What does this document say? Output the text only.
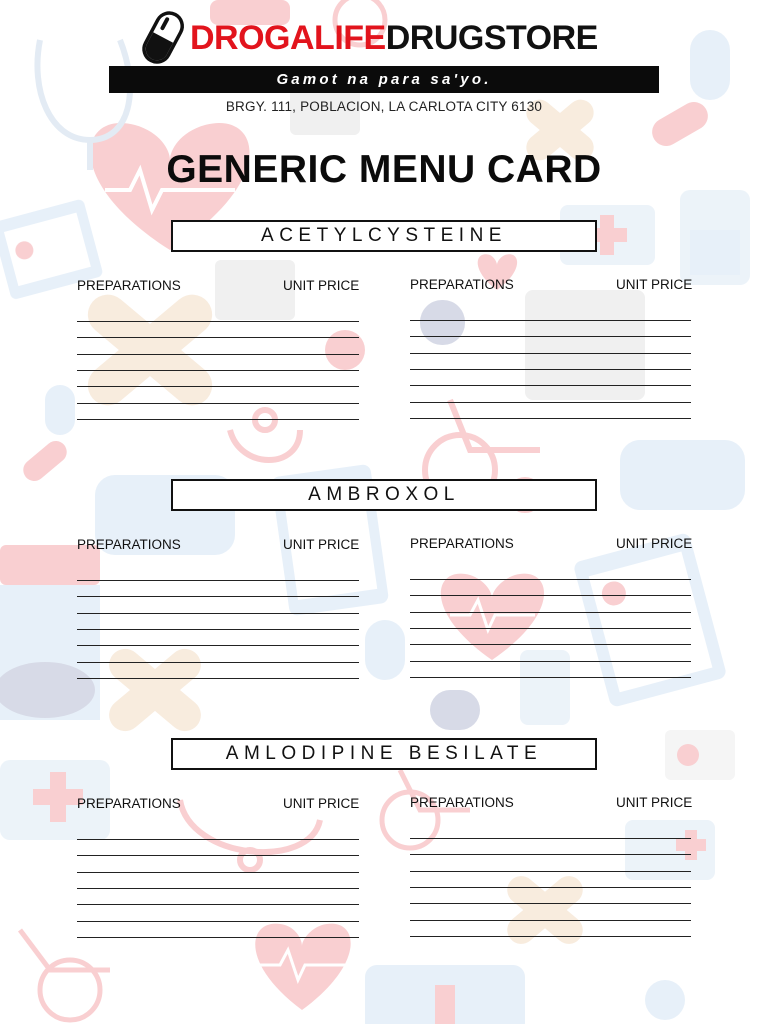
DROGALIFE DRUGSTORE
Gamot na para sa'yo.
BRGY. 111, POBLACION, LA CARLOTA CITY 6130
GENERIC MENU CARD
ACETYLCYSTEINE
PREPARATIONS	UNIT PRICE	PREPARATIONS	UNIT PRICE
AMBROXOL
PREPARATIONS	UNIT PRICE	PREPARATIONS	UNIT PRICE
AMLODIPINE BESILATE
PREPARATIONS	UNIT PRICE	PREPARATIONS	UNIT PRICE
